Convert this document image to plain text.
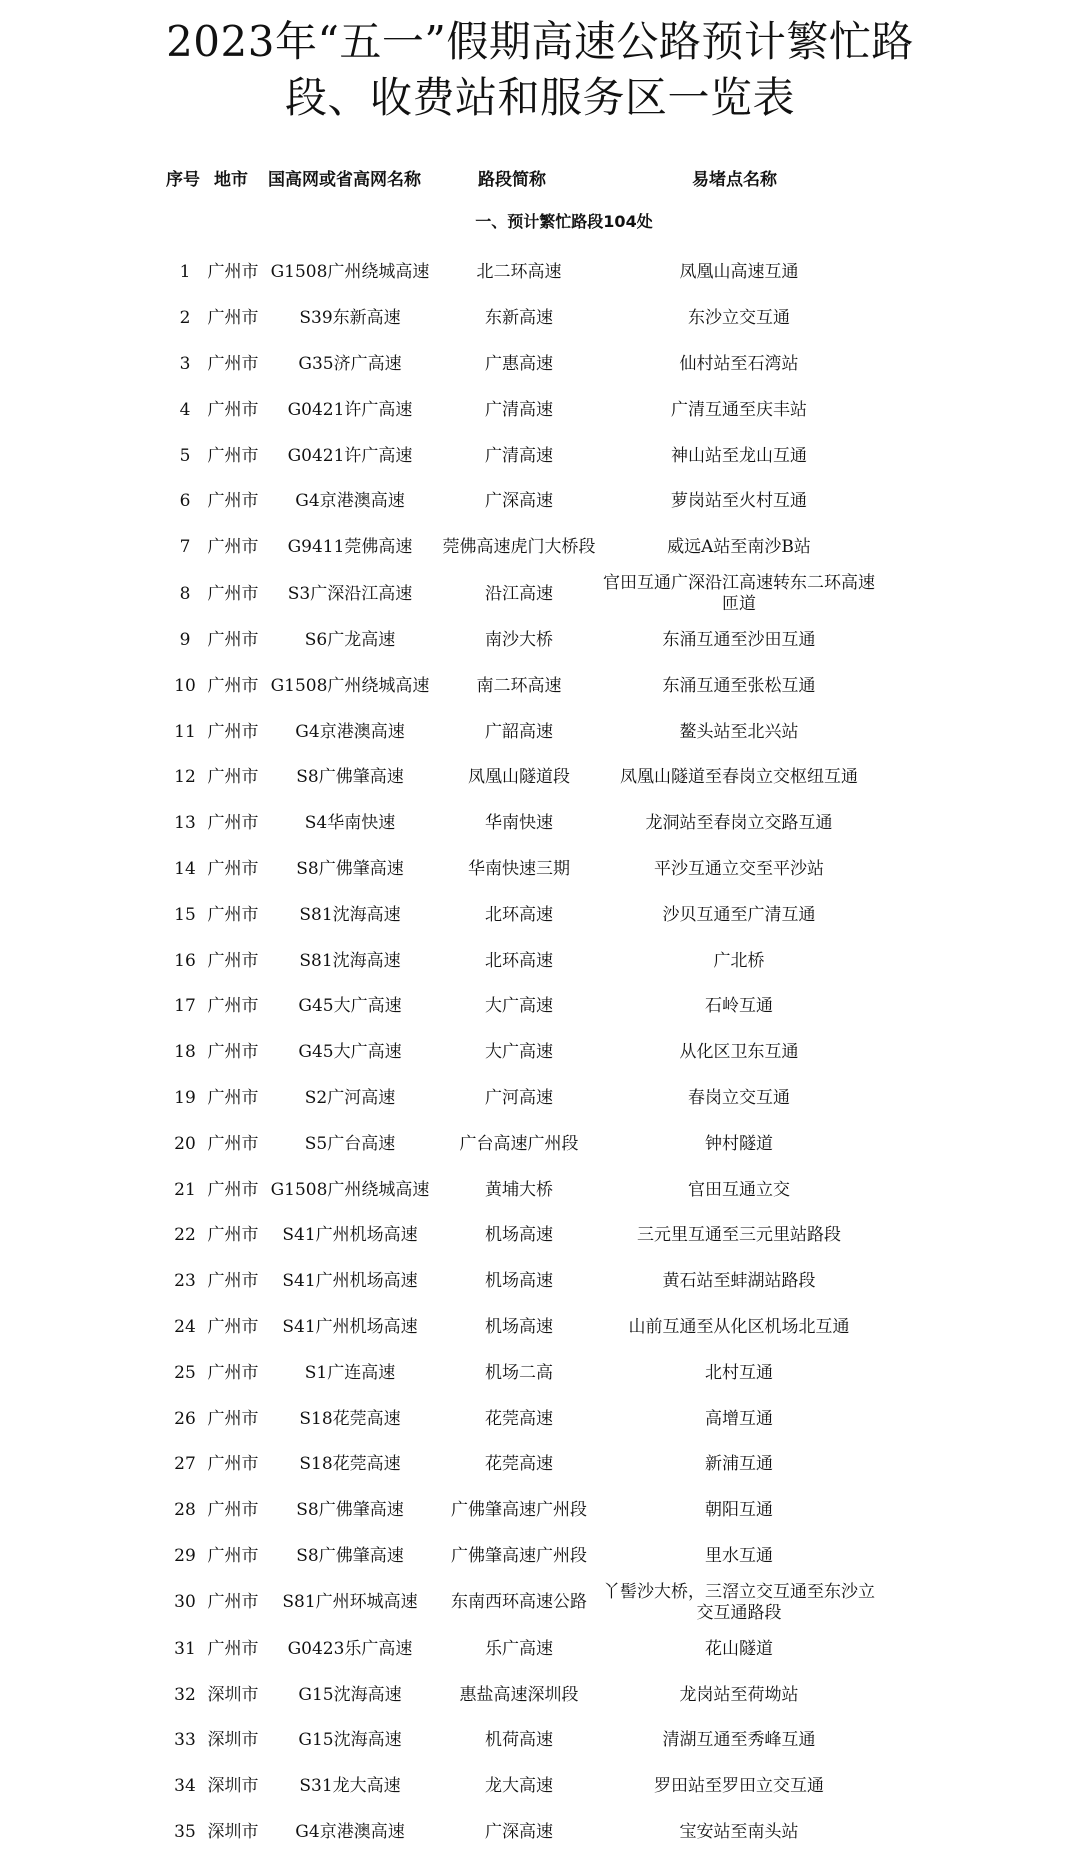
2023年“五一”假期高速公路预计繁忙路
段、收费站和服务区一览表
序号 地市 国高网或省高网名称	路段简称	易堵点名称
一、预计繁忙路段104处
1	广州市 G1508广州绕城高速	北二环高速	凤凰山高速互通
2	广州市	S39东新高速	东新高速	东沙立交互通
3	广州市	G35济广高速	广惠高速	仙村站至石湾站
4	广州市	G0421许广高速	广清高速	广清互通至庆丰站
5	广州市	G0421许广高速	广清高速	神山站至龙山互通
6	广州市	G4京港澳高速	广深高速	萝岗站至火村互通
7	广州市	G9411莞佛高速	莞佛高速虎门大桥段	威远A站至南沙B站
8	广州市	S3广深沿江高速	沿江高速
官田互通广深沿江高速转东二环高速匝道
9	广州市	S6广龙高速	南沙大桥	东涌互通至沙田互通
10 广州市 G1508广州绕城高速	南二环高速	东涌互通至张松互通
11 广州市	G4京港澳高速	广韶高速	鳌头站至北兴站
12 广州市	S8广佛肇高速	凤凰山隧道段	凤凰山隧道至春岗立交枢纽互通
13 广州市	S4华南快速	华南快速	龙洞站至春岗立交路互通
14 广州市	S8广佛肇高速	华南快速三期	平沙互通立交至平沙站
15 广州市	S81沈海高速	北环高速	沙贝互通至广清互通
16 广州市	S81沈海高速	北环高速	广北桥
17 广州市	G45大广高速	大广高速	石岭互通
18 广州市	G45大广高速	大广高速	从化区卫东互通
19 广州市	S2广河高速	广河高速	春岗立交互通
20 广州市	S5广台高速	广台高速广州段	钟村隧道
21 广州市 G1508广州绕城高速	黄埔大桥	官田互通立交
22 广州市	S41广州机场高速	机场高速	三元里互通至三元里站路段
23 广州市	S41广州机场高速	机场高速	黄石站至蚌湖站路段
24 广州市	S41广州机场高速	机场高速	山前互通至从化区机场北互通
25 广州市	S1广连高速	机场二高	北村互通
26 广州市	S18花莞高速	花莞高速	高增互通
27 广州市	S18花莞高速	花莞高速	新浦互通
28 广州市	S8广佛肇高速	广佛肇高速广州段	朝阳互通
29 广州市	S8广佛肇高速	广佛肇高速广州段	里水互通
30 广州市	S81广州环城高速	东南西环高速公路
丫髻沙大桥，三滘立交互通至东沙立交互通路段
31 广州市	G0423乐广高速	乐广高速	花山隧道
32 深圳市	G15沈海高速	惠盐高速深圳段	龙岗站至荷坳站
33 深圳市	G15沈海高速	机荷高速	清湖互通至秀峰互通
34 深圳市	S31龙大高速	龙大高速	罗田站至罗田立交互通
35 深圳市	G4京港澳高速	广深高速	宝安站至南头站
